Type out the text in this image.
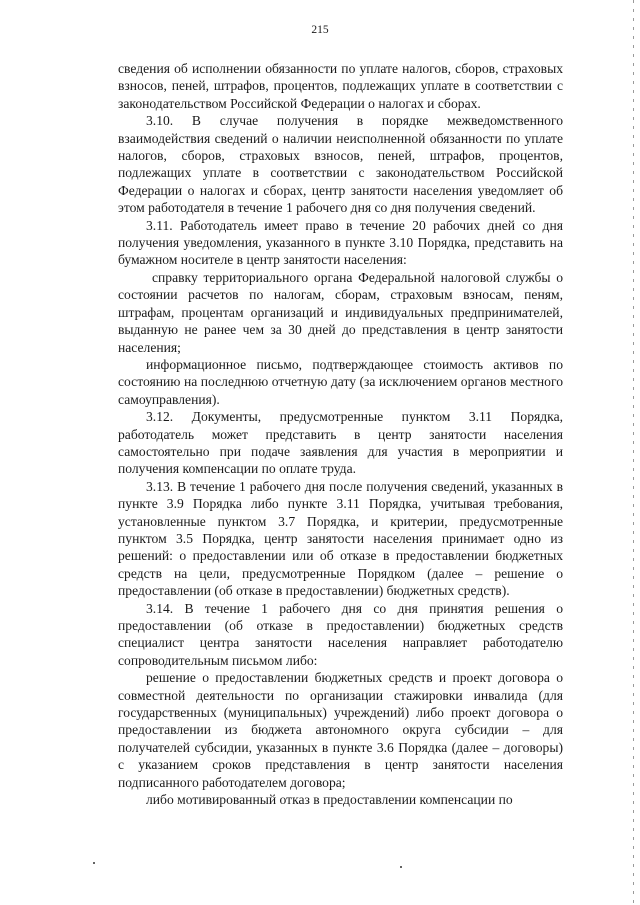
215

сведения об исполнении обязанности по уплате налогов, сборов, страховых взносов, пеней, штрафов, процентов, подлежащих уплате в соответствии с законодательством Российской Федерации о налогах и сборах.

3.10. В случае получения в порядке межведомственного взаимодействия сведений о наличии неисполненной обязанности по уплате налогов, сборов, страховых взносов, пеней, штрафов, процентов, подлежащих уплате в соответствии с законодательством Российской Федерации о налогах и сборах, центр занятости населения уведомляет об этом работодателя в течение 1 рабочего дня со дня получения сведений.

3.11. Работодатель имеет право в течение 20 рабочих дней со дня получения уведомления, указанного в пункте 3.10 Порядка, представить на бумажном носителе в центр занятости населения:

справку территориального органа Федеральной налоговой службы о состоянии расчетов по налогам, сборам, страховым взносам, пеням, штрафам, процентам организаций и индивидуальных предпринимателей, выданную не ранее чем за 30 дней до представления в центр занятости населения;

информационное письмо, подтверждающее стоимость активов по состоянию на последнюю отчетную дату (за исключением органов местного самоуправления).

3.12. Документы, предусмотренные пунктом 3.11 Порядка, работодатель может представить в центр занятости населения самостоятельно при подаче заявления для участия в мероприятии и получения компенсации по оплате труда.

3.13. В течение 1 рабочего дня после получения сведений, указанных в пункте 3.9 Порядка либо пункте 3.11 Порядка, учитывая требования, установленные пунктом 3.7 Порядка, и критерии, предусмотренные пунктом 3.5 Порядка, центр занятости населения принимает одно из решений: о предоставлении или об отказе в предоставлении бюджетных средств на цели, предусмотренные Порядком (далее – решение о предоставлении (об отказе в предоставлении) бюджетных средств).

3.14. В течение 1 рабочего дня со дня принятия решения о предоставлении (об отказе в предоставлении) бюджетных средств специалист центра занятости населения направляет работодателю сопроводительным письмом либо:

решение о предоставлении бюджетных средств и проект договора о совместной деятельности по организации стажировки инвалида (для государственных (муниципальных) учреждений) либо проект договора о предоставлении из бюджета автономного округа субсидии – для получателей субсидии, указанных в пункте 3.6 Порядка (далее – договоры) с указанием сроков представления в центр занятости населения подписанного работодателем договора;

либо мотивированный отказ в предоставлении компенсации по
